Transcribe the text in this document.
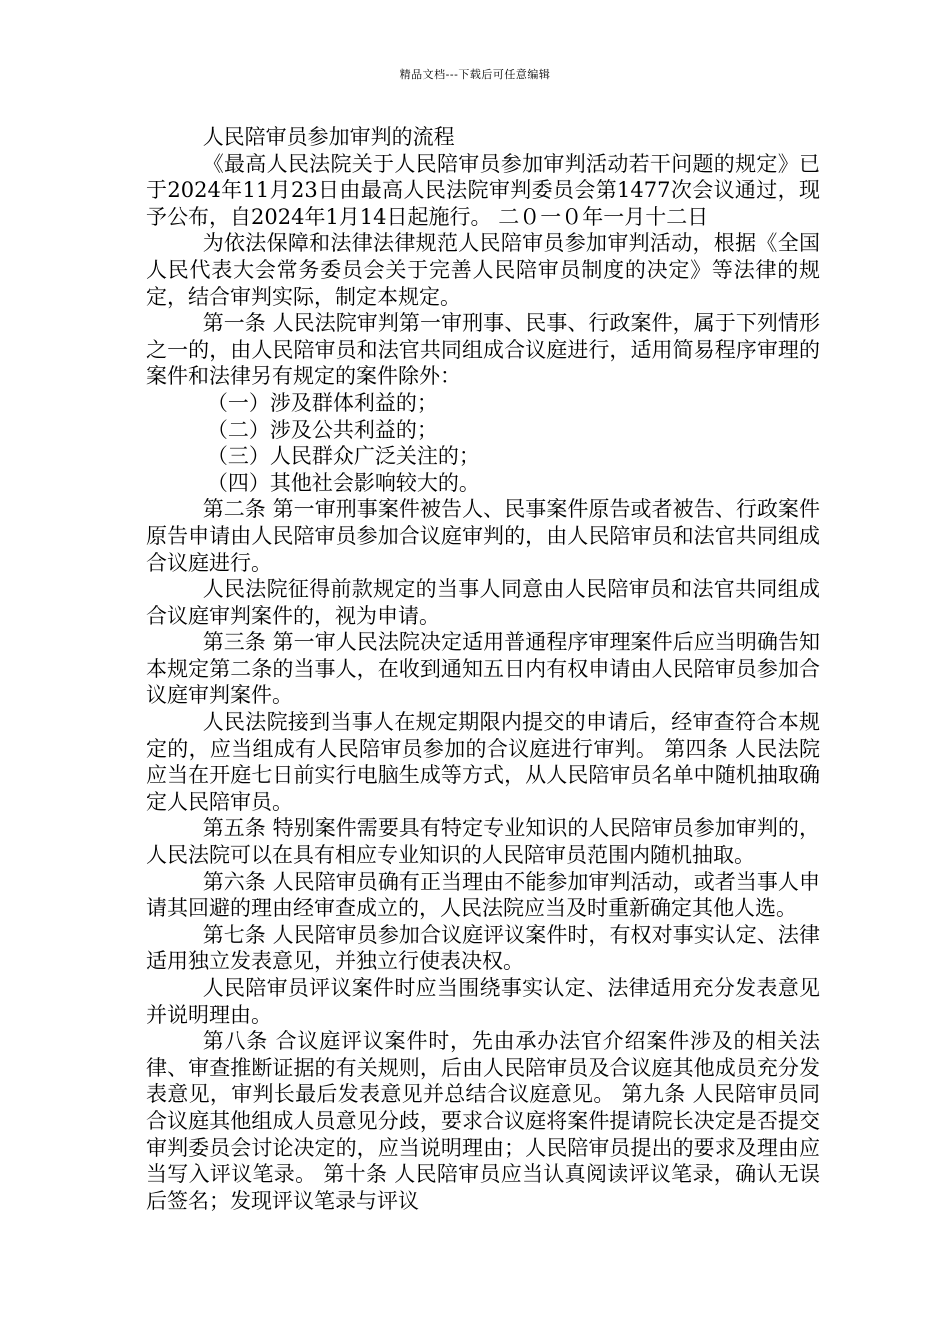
精品文档---下载后可任意编辑

人民陪审员参加审判的流程

《最高人民法院关于人民陪审员参加审判活动若干问题的规定》已于2024年11月23日由最高人民法院审判委员会第1477次会议通过，现予公布，自2024年1月14日起施行。 二０一０年一月十二日

为依法保障和法律法律规范人民陪审员参加审判活动，根据《全国人民代表大会常务委员会关于完善人民陪审员制度的决定》等法律的规定，结合审判实际，制定本规定。

第一条 人民法院审判第一审刑事、民事、行政案件，属于下列情形之一的，由人民陪审员和法官共同组成合议庭进行，适用简易程序审理的案件和法律另有规定的案件除外：

（一）涉及群体利益的；

（二）涉及公共利益的；

（三）人民群众广泛关注的；

（四）其他社会影响较大的。

第二条 第一审刑事案件被告人、民事案件原告或者被告、行政案件原告申请由人民陪审员参加合议庭审判的，由人民陪审员和法官共同组成合议庭进行。

人民法院征得前款规定的当事人同意由人民陪审员和法官共同组成合议庭审判案件的，视为申请。

第三条 第一审人民法院决定适用普通程序审理案件后应当明确告知本规定第二条的当事人，在收到通知五日内有权申请由人民陪审员参加合议庭审判案件。

人民法院接到当事人在规定期限内提交的申请后，经审查符合本规定的，应当组成有人民陪审员参加的合议庭进行审判。 第四条 人民法院应当在开庭七日前实行电脑生成等方式，从人民陪审员名单中随机抽取确定人民陪审员。

第五条 特别案件需要具有特定专业知识的人民陪审员参加审判的，人民法院可以在具有相应专业知识的人民陪审员范围内随机抽取。

第六条 人民陪审员确有正当理由不能参加审判活动，或者当事人申请其回避的理由经审查成立的，人民法院应当及时重新确定其他人选。

第七条 人民陪审员参加合议庭评议案件时，有权对事实认定、法律适用独立发表意见，并独立行使表决权。

人民陪审员评议案件时应当围绕事实认定、法律适用充分发表意见并说明理由。

第八条 合议庭评议案件时，先由承办法官介绍案件涉及的相关法律、审查推断证据的有关规则，后由人民陪审员及合议庭其他成员充分发表意见，审判长最后发表意见并总结合议庭意见。 第九条 人民陪审员同合议庭其他组成人员意见分歧，要求合议庭将案件提请院长决定是否提交审判委员会讨论决定的，应当说明理由；人民陪审员提出的要求及理由应当写入评议笔录。 第十条 人民陪审员应当认真阅读评议笔录，确认无误后签名；发现评议笔录与评议
